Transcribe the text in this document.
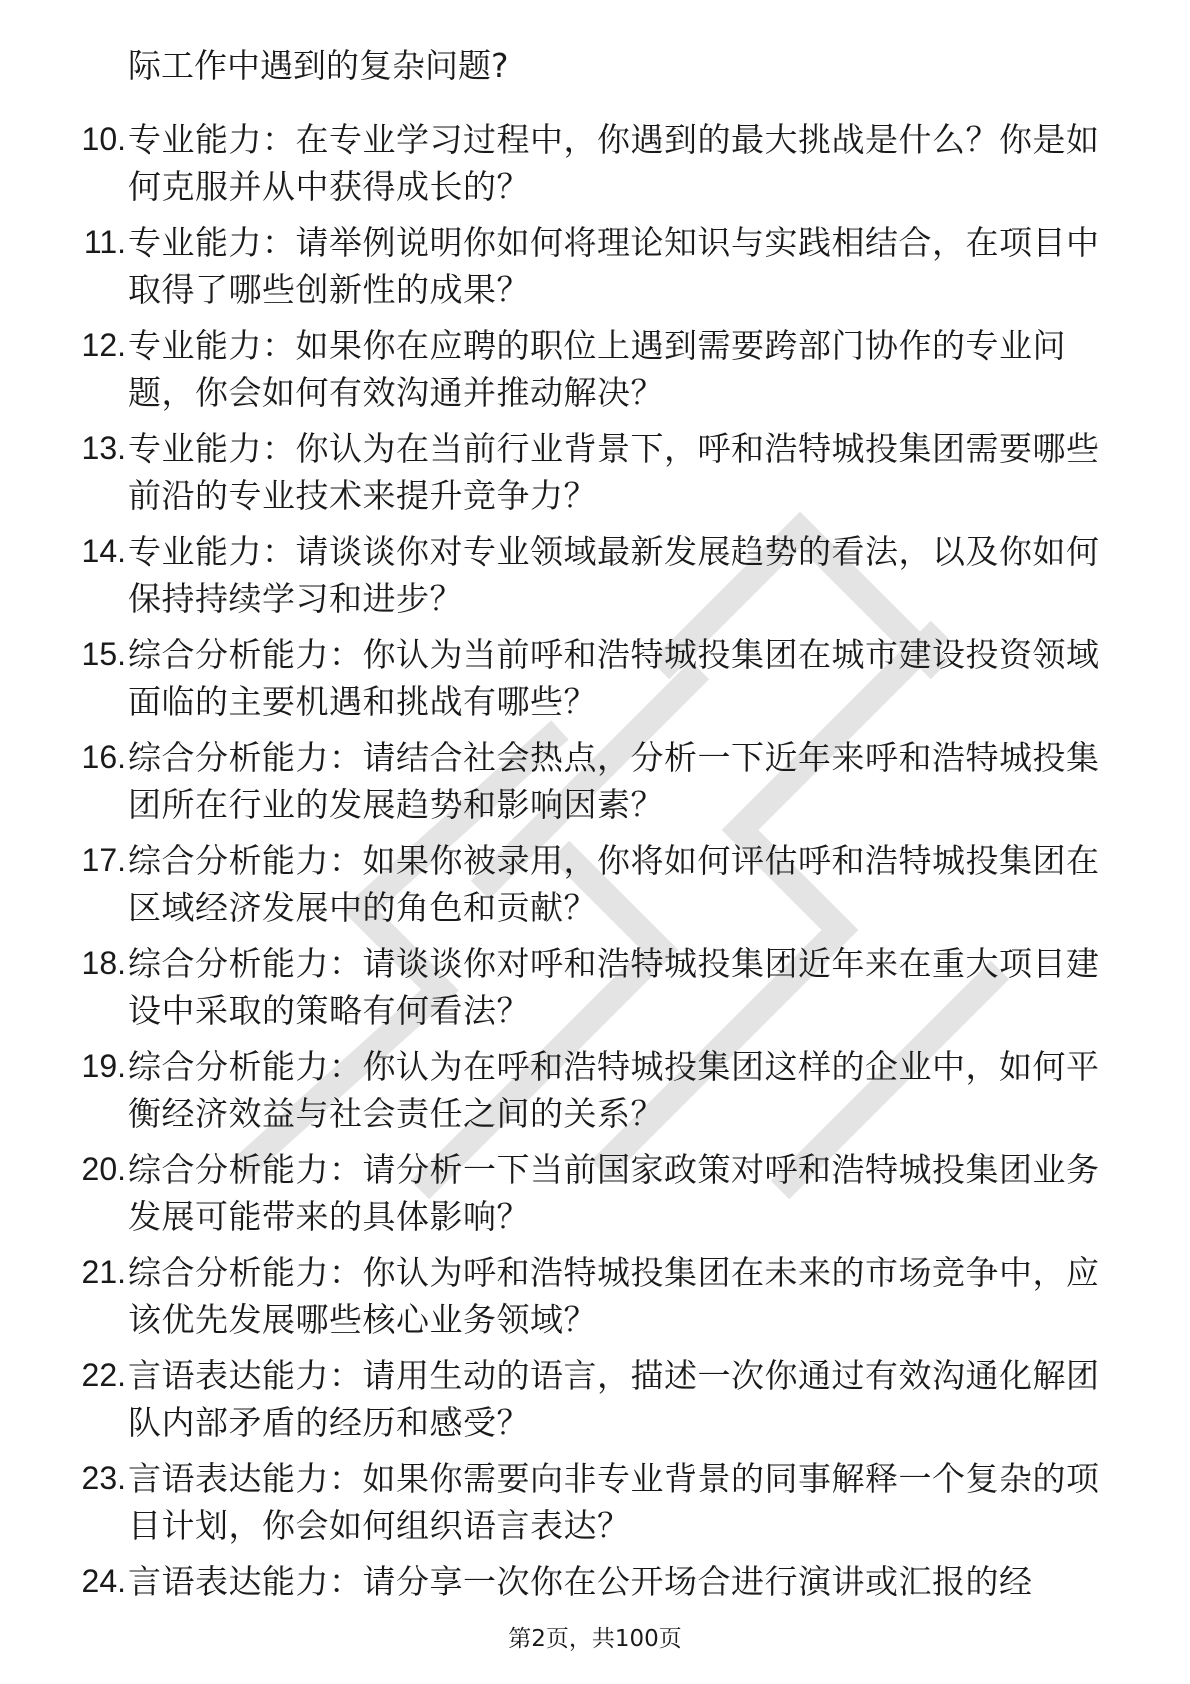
际工作中遇到的复杂问题?
10. 专业能力：在专业学习过程中，你遇到的最大挑战是什么？你是如何克服并从中获得成长的？
11. 专业能力：请举例说明你如何将理论知识与实践相结合，在项目中取得了哪些创新性的成果？
12. 专业能力：如果你在应聘的职位上遇到需要跨部门协作的专业问题，你会如何有效沟通并推动解决？
13. 专业能力：你认为在当前行业背景下，呼和浩特城投集团需要哪些前沿的专业技术来提升竞争力？
14. 专业能力：请谈谈你对专业领域最新发展趋势的看法，以及你如何保持持续学习和进步？
15. 综合分析能力：你认为当前呼和浩特城投集团在城市建设投资领域面临的主要机遇和挑战有哪些？
16. 综合分析能力：请结合社会热点，分析一下近年来呼和浩特城投集团所在行业的发展趋势和影响因素？
17. 综合分析能力：如果你被录用，你将如何评估呼和浩特城投集团在区域经济发展中的角色和贡献？
18. 综合分析能力：请谈谈你对呼和浩特城投集团近年来在重大项目建设中采取的策略有何看法？
19. 综合分析能力：你认为在呼和浩特城投集团这样的企业中，如何平衡经济效益与社会责任之间的关系？
20. 综合分析能力：请分析一下当前国家政策对呼和浩特城投集团业务发展可能带来的具体影响？
21. 综合分析能力：你认为呼和浩特城投集团在未来的市场竞争中，应该优先发展哪些核心业务领域？
22. 言语表达能力：请用生动的语言，描述一次你通过有效沟通化解团队内部矛盾的经历和感受？
23. 言语表达能力：如果你需要向非专业背景的同事解释一个复杂的项目计划，你会如何组织语言表达？
24. 言语表达能力：请分享一次你在公开场合进行演讲或汇报的经
第2页，共100页
